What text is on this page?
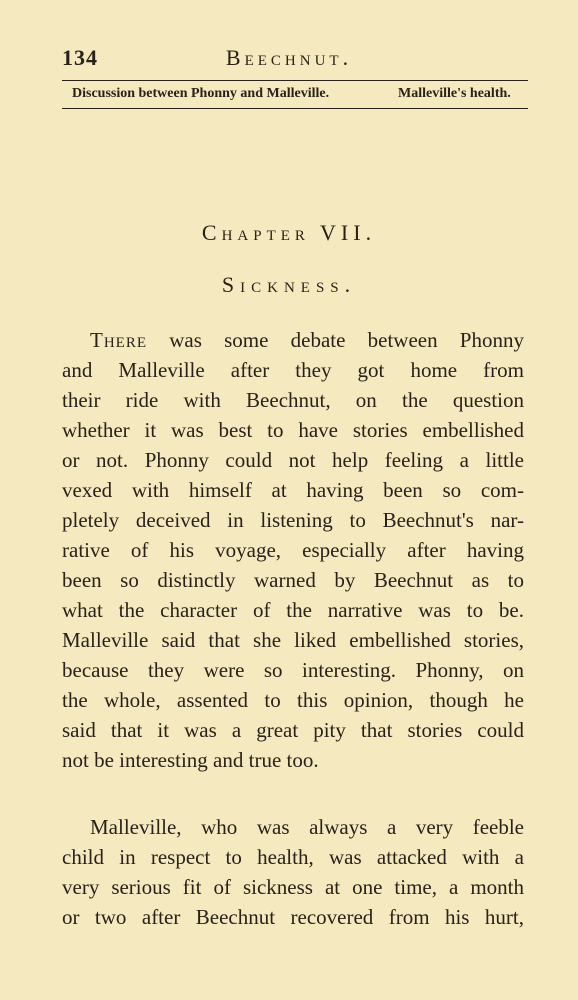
134	Beechnut.
Discussion between Phonny and Malleville.	Malleville's health.
Chapter VII.
Sickness.
There was some debate between Phonny
and Malleville after they got home from
their ride with Beechnut, on the question
whether it was best to have stories embellished
or not. Phonny could not help feeling a little
vexed with himself at having been so com-
pletely deceived in listening to Beechnut's nar-
rative of his voyage, especially after having
been so distinctly warned by Beechnut as to
what the character of the narrative was to be.
Malleville said that she liked embellished stories,
because they were so interesting. Phonny, on
the whole, assented to this opinion, though he
said that it was a great pity that stories could
not be interesting and true too.
Malleville, who was always a very feeble
child in respect to health, was attacked with a
very serious fit of sickness at one time, a month
or two after Beechnut recovered from his hurt,
